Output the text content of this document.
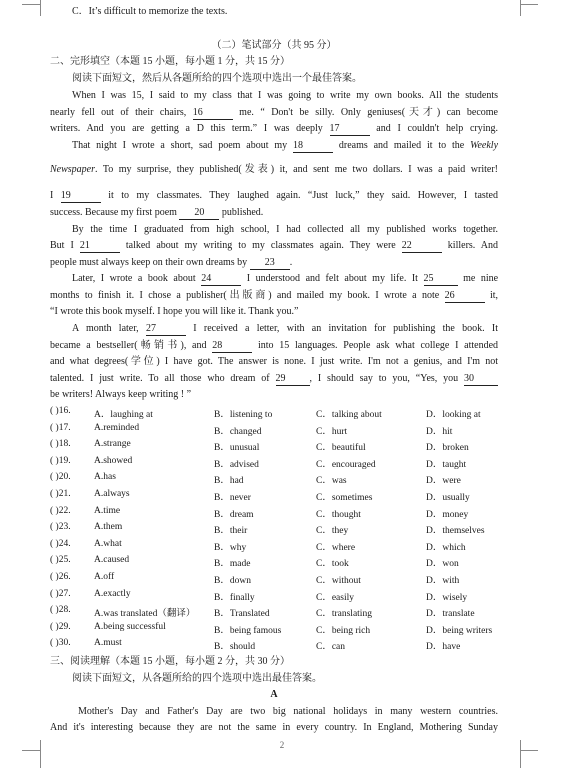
C．It’s difficult to memorize the texts.
（二）笔试部分（共 95 分）
二、完形填空（本题 15 小题，每小题 1 分，共 15 分）
阅读下面短文，然后从各题所给的四个选项中选出一个最佳答案。
When I was 15, I said to my class that I was going to write my own books. All the students
nearly fell out of their chairs, 16	me. “ Don't be silly. Only geniuses(天才) can become
writers. And you are getting a D this term.” I was deeply 17	and I couldn't help crying.
That night I wrote a short, sad poem about my 18	dreams and mailed it to the Weekly
Newspaper. To my surprise, they published(发表) it, and sent me two dollars. I was a paid writer!
I 19	it to my classmates. They laughed again. “Just luck,” they said. However, I tasted
success. Because my first poem 20 published.
By the time I graduated from high school, I had collected all my published works together.
But I 21	talked about my writing to my classmates again. They were 22	killers. And
people must always keep on their own dreams by 23 .
Later, I wrote a book about 24	I understood and felt about my life. It 25	me nine
months to finish it. I chose a publisher(出版商) and mailed my book. I wrote a note 26	it,
“I wrote this book myself. I hope you will like it. Thank you.”
A month later, 27	I received a letter, with an invitation for publishing the book. It
became a bestseller(畅销书), and 28	into 15 languages. People ask what college I attended
and what degrees(学位) I have got. The answer is none. I just write. I'm not a genius, and I'm not
talented. I just write. To all those who dream of 29 , I should say to you, “Yes, you 30
be writers! Always keep writing ! ”
( )16. A．laughing at	B．listening to	C．talking about	D．looking at
( )17. A.reminded	B．changed	C．hurt	D．hit
( )18. A.strange	B．unusual	C．beautiful	D．broken
( )19. A.showed	B．advised	C．encouraged	D．taught
( )20. A.has	B．had	C．was	D．were
( )21. A.always	B．never	C．sometimes	D．usually
( )22. A.time	B．dream	C．thought	D．money
( )23. A.them	B．their	C．they	D．themselves
( )24. A.what	B．why	C．where	D．which
( )25. A.caused	B．made	C．took	D．won
( )26. A.off	B．down	C．without	D．with
( )27. A.exactly	B．finally	C．easily	D．wisely
( )28. A.was translated（翻译） B．Translated	C．translating	D．translate
( )29. A.being successful	B．being famous	C．being rich	D．being writers
( )30. A.must	B．should	C．can	D．have
三、阅读理解（本题 15 小题，每小题 2 分，共 30 分）
阅读下面短文，从各题所给的四个选项中选出最佳答案。
A
Mother's Day and Father's Day are two big national holidays in many western countries.
And it's interesting because they are not the same in every country. In England, Mothering Sunday
2
